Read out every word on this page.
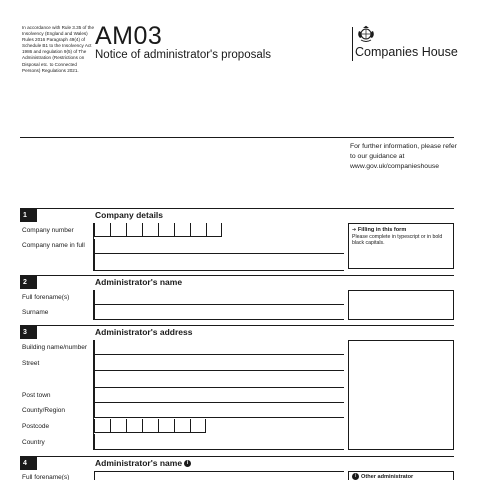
In accordance with Rule 3.35 of the Insolvency (England and Wales) Rules 2016 Paragraph 49(4) of Schedule B1 to the Insolvency Act 1986 and regulation 9(5) of The Administration (Restrictions on Disposal etc. to Connected Persons) Regulations 2021.
AM03
Notice of administrator's proposals	Companies House
For further information, please refer to our guidance at www.gov.uk/companieshouse
1	Company details
Company number
Company name in full
➔ Filling in this form
Please complete in typescript or in bold black capitals.
2	Administrator's name
Full forename(s)
Surname
3	Administrator's address
Building name/number
Street
Post town
County/Region
Postcode
Country
4	Administrator's name i
Full forename(s)	i Other administrator
